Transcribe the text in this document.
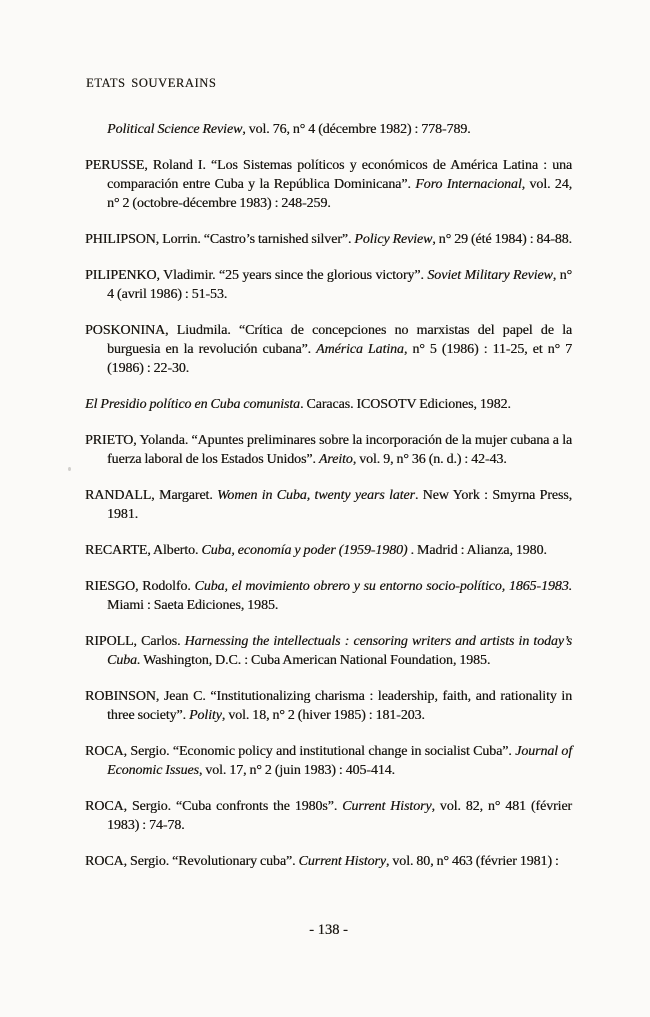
ETATS SOUVERAINS

Political Science Review, vol. 76, n° 4 (décembre 1982) : 778-789.

PERUSSE, Roland I. “Los Sistemas políticos y económicos de América Latina : una comparación entre Cuba y la República Dominicana”. Foro Internacional, vol. 24, n° 2 (octobre-décembre 1983) : 248-259.

PHILIPSON, Lorrin. “Castro’s tarnished silver”. Policy Review, n° 29 (été 1984) : 84-88.

PILIPENKO, Vladimir. “25 years since the glorious victory”. Soviet Military Review, n° 4 (avril 1986) : 51-53.

POSKONINA, Liudmila. “Crítica de concepciones no marxistas del papel de la burguesia en la revolución cubana”. América Latina, n° 5 (1986) : 11-25, et n° 7 (1986) : 22-30.

El Presidio político en Cuba comunista. Caracas. ICOSOTV Ediciones, 1982.

PRIETO, Yolanda. “Apuntes preliminares sobre la incorporación de la mujer cubana a la fuerza laboral de los Estados Unidos”. Areito, vol. 9, n° 36 (n. d.) : 42-43.

RANDALL, Margaret. Women in Cuba, twenty years later. New York : Smyrna Press, 1981.

RECARTE, Alberto. Cuba, economía y poder (1959-1980) . Madrid : Alianza, 1980.

RIESGO, Rodolfo. Cuba, el movimiento obrero y su entorno socio-político, 1865-1983. Miami : Saeta Ediciones, 1985.

RIPOLL, Carlos. Harnessing the intellectuals : censoring writers and artists in today’s Cuba. Washington, D.C. : Cuba American National Foundation, 1985.

ROBINSON, Jean C. “Institutionalizing charisma : leadership, faith, and rationality in three society”. Polity, vol. 18, n° 2 (hiver 1985) : 181-203.

ROCA, Sergio. “Economic policy and institutional change in socialist Cuba”. Journal of Economic Issues, vol. 17, n° 2 (juin 1983) : 405-414.

ROCA, Sergio. “Cuba confronts the 1980s”. Current History, vol. 82, n° 481 (février 1983) : 74-78.

ROCA, Sergio. “Revolutionary cuba”. Current History, vol. 80, n° 463 (février 1981) :

- 138 -
